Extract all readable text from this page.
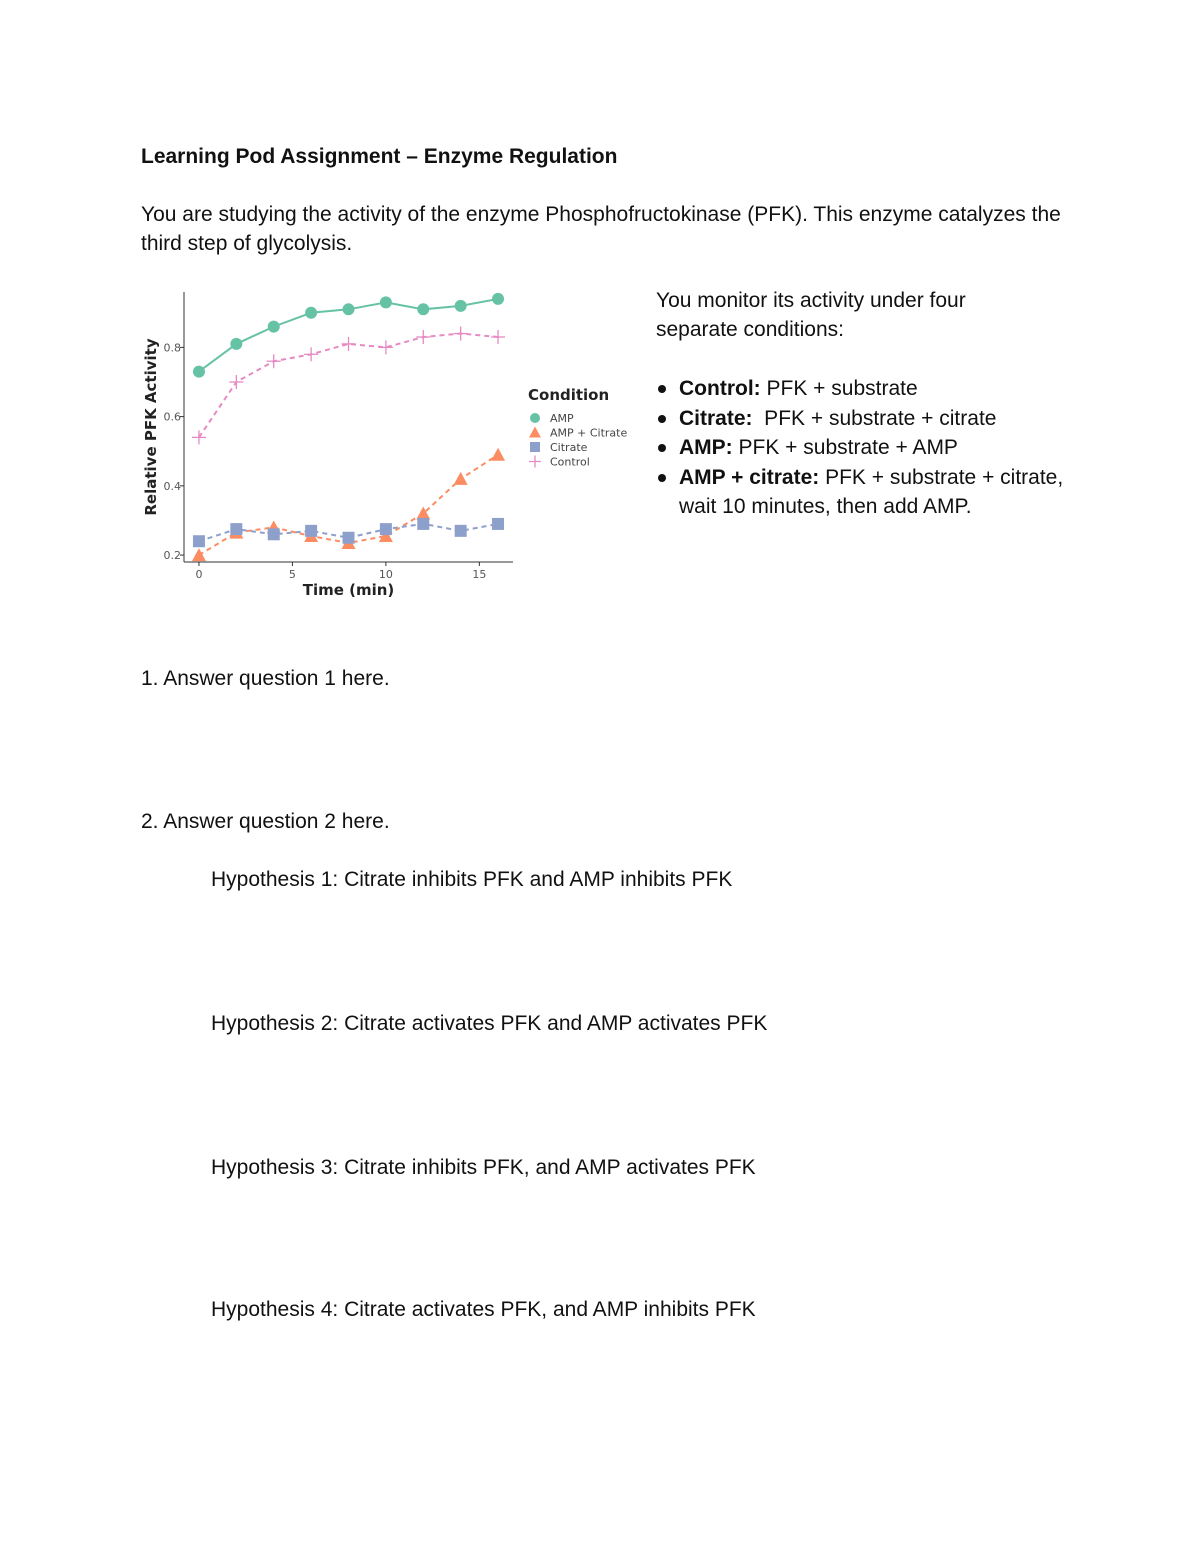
Learning Pod Assignment – Enzyme Regulation
You are studying the activity of the enzyme Phosphofructokinase (PFK). This enzyme catalyzes the third step of glycolysis.
0	5	10	15
0.2
0.4
0.6
0.8
Time (min)
Relative PFK Activity	Condition
AMP
AMP + Citrate
Citrate
Control
You monitor its activity under four separate conditions:
Control: PFK + substrate
Citrate:  PFK + substrate + citrate
AMP: PFK + substrate + AMP
AMP + citrate: PFK + substrate + citrate, wait 10 minutes, then add AMP.
1. Answer question 1 here.
2. Answer question 2 here.
Hypothesis 1: Citrate inhibits PFK and AMP inhibits PFK
Hypothesis 2: Citrate activates PFK and AMP activates PFK
Hypothesis 3: Citrate inhibits PFK, and AMP activates PFK
Hypothesis 4: Citrate activates PFK, and AMP inhibits PFK
